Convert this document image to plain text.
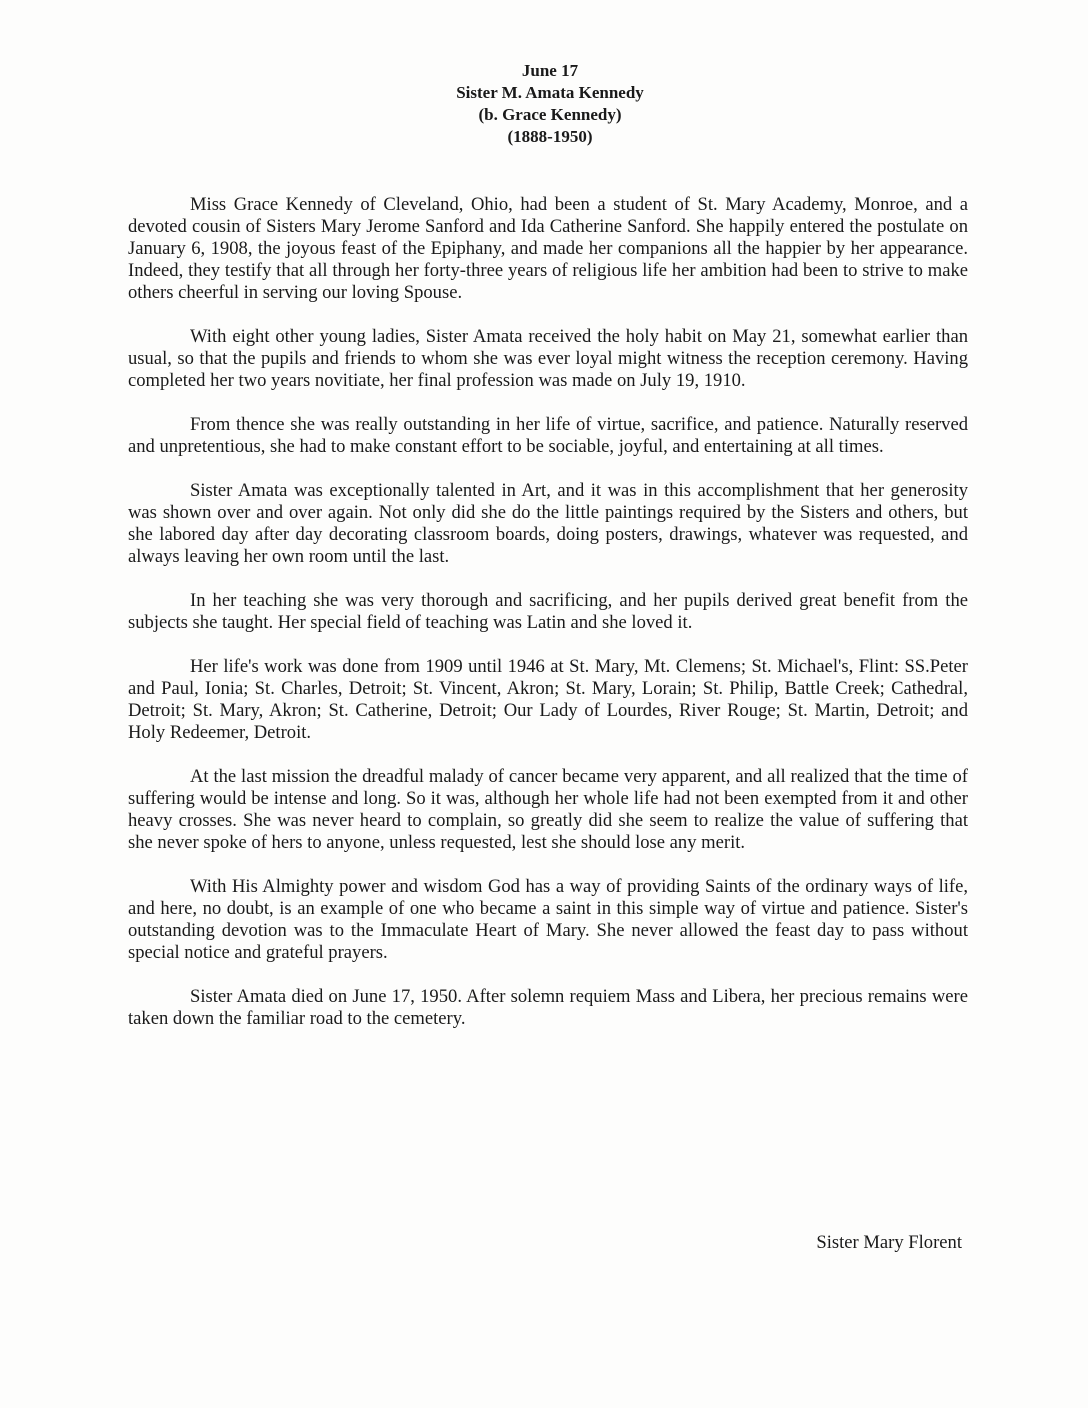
June 17
Sister M. Amata Kennedy
(b. Grace Kennedy)
(1888-1950)

Miss Grace Kennedy of Cleveland, Ohio, had been a student of St. Mary Academy, Monroe, and a devoted cousin of Sisters Mary Jerome Sanford and Ida Catherine Sanford. She happily entered the postulate on January 6, 1908, the joyous feast of the Epiphany, and made her companions all the happier by her appearance. Indeed, they testify that all through her forty-three years of religious life her ambition had been to strive to make others cheerful in serving our loving Spouse.

With eight other young ladies, Sister Amata received the holy habit on May 21, somewhat earlier than usual, so that the pupils and friends to whom she was ever loyal might witness the reception ceremony. Having completed her two years novitiate, her final profession was made on July 19, 1910.

From thence she was really outstanding in her life of virtue, sacrifice, and patience. Naturally reserved and unpretentious, she had to make constant effort to be sociable, joyful, and entertaining at all times.

Sister Amata was exceptionally talented in Art, and it was in this accomplishment that her generosity was shown over and over again. Not only did she do the little paintings required by the Sisters and others, but she labored day after day decorating classroom boards, doing posters, drawings, whatever was requested, and always leaving her own room until the last.

In her teaching she was very thorough and sacrificing, and her pupils derived great benefit from the subjects she taught. Her special field of teaching was Latin and she loved it.

Her life's work was done from 1909 until 1946 at St. Mary, Mt. Clemens; St. Michael's, Flint: SS.Peter and Paul, Ionia; St. Charles, Detroit; St. Vincent, Akron; St. Mary, Lorain; St. Philip, Battle Creek; Cathedral, Detroit; St. Mary, Akron; St. Catherine, Detroit; Our Lady of Lourdes, River Rouge; St. Martin, Detroit; and Holy Redeemer, Detroit.

At the last mission the dreadful malady of cancer became very apparent, and all realized that the time of suffering would be intense and long. So it was, although her whole life had not been exempted from it and other heavy crosses. She was never heard to complain, so greatly did she seem to realize the value of suffering that she never spoke of hers to anyone, unless requested, lest she should lose any merit.

With His Almighty power and wisdom God has a way of providing Saints of the ordinary ways of life, and here, no doubt, is an example of one who became a saint in this simple way of virtue and patience. Sister's outstanding devotion was to the Immaculate Heart of Mary. She never allowed the feast day to pass without special notice and grateful prayers.

Sister Amata died on June 17, 1950. After solemn requiem Mass and Libera, her precious remains were taken down the familiar road to the cemetery.

Sister Mary Florent
